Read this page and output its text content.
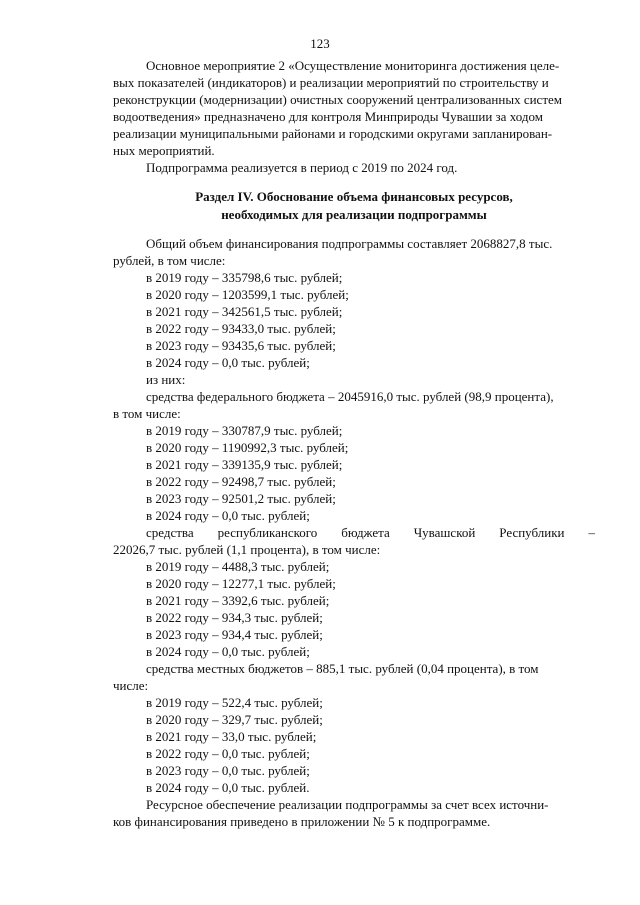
123

Основное мероприятие 2 «Осуществление мониторинга достижения целе-

вых показателей (индикаторов) и реализации мероприятий по строительству и

реконструкции (модернизации) очистных сооружений централизованных систем

водоотведения» предназначено для контроля Минприроды Чувашии за ходом

реализации муниципальными районами и городскими округами запланирован-

ных мероприятий.

Подпрограмма реализуется в период с 2019 по 2024 год.

Раздел IV. Обоснование объема финансовых ресурсов,
необходимых для реализации подпрограммы

Общий объем финансирования подпрограммы составляет 2068827,8 тыс.

рублей, в том числе:

в 2019 году – 335798,6 тыс. рублей;

в 2020 году – 1203599,1 тыс. рублей;

в 2021 году – 342561,5 тыс. рублей;

в 2022 году – 93433,0 тыс. рублей;

в 2023 году – 93435,6 тыс. рублей;

в 2024 году – 0,0 тыс. рублей;

из них:

средства федерального бюджета – 2045916,0 тыс. рублей (98,9 процента),

в том числе:

в 2019 году – 330787,9 тыс. рублей;

в 2020 году – 1190992,3 тыс. рублей;

в 2021 году – 339135,9 тыс. рублей;

в 2022 году – 92498,7 тыс. рублей;

в 2023 году – 92501,2 тыс. рублей;

в 2024 году – 0,0 тыс. рублей;

средства республиканского бюджета Чувашской Республики –

22026,7 тыс. рублей (1,1 процента), в том числе:

в 2019 году – 4488,3 тыс. рублей;

в 2020 году – 12277,1 тыс. рублей;

в 2021 году – 3392,6 тыс. рублей;

в 2022 году – 934,3 тыс. рублей;

в 2023 году – 934,4 тыс. рублей;

в 2024 году – 0,0 тыс. рублей;

средства местных бюджетов – 885,1 тыс. рублей (0,04 процента), в том

числе:

в 2019 году – 522,4 тыс. рублей;

в 2020 году – 329,7 тыс. рублей;

в 2021 году – 33,0 тыс. рублей;

в 2022 году – 0,0 тыс. рублей;

в 2023 году – 0,0 тыс. рублей;

в 2024 году – 0,0 тыс. рублей.

Ресурсное обеспечение реализации подпрограммы за счет всех источни-

ков финансирования приведено в приложении № 5 к подпрограмме.
